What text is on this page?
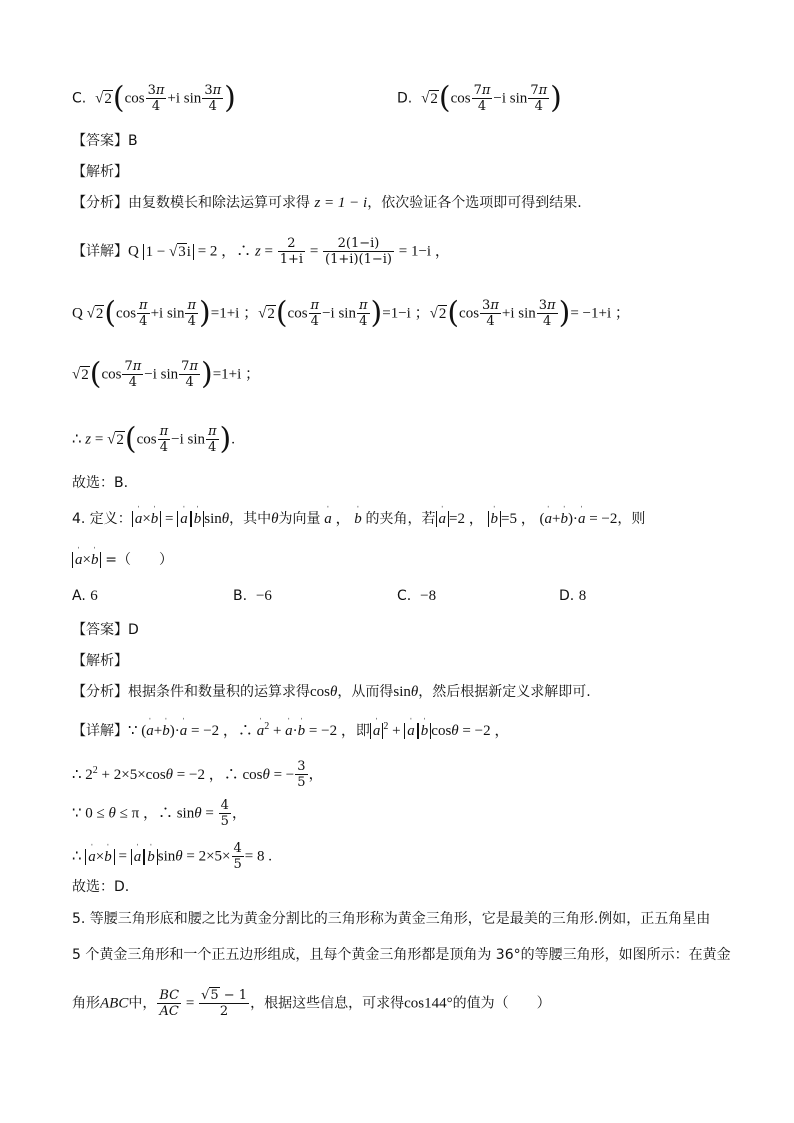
C. $√2(\cos \frac{3\pi}{4} +i$ $\sin \frac{3\pi}{4}$ )	D. $√2(\cos \frac{7\pi}{4} -i$ $\sin \frac{7\pi}{4}$ )
【答案】B
【解析】
【分析】由复数模长和除法运算可求得 z = 1 − i，依次验证各个选项即可得到结果.
【详解】Q 1 − √3i = 2 ，∴ $z = \frac{2}{1+i} = \frac{2(1-i)}{(1+i)(1-i)} = 1-i$ ，
Q $√2(\cos \frac{\pi}{4} +i$ $\sin \frac{\pi}{4} )=1+i$ ；$√2(\cos \frac{\pi}{4} -i$ $\sin \frac{\pi}{4} )=1-i$ ；$√2(\cos \frac{3\pi}{4} +i$ $\sin \frac{3\pi}{4}$ )= −1+i ；
$√2(\cos \frac{7\pi}{4} -i$ $\sin \frac{7\pi}{4} )=1+i$ ；
∴ $z = √2(\cos \frac{\pi}{4} -i$ $\sin \frac{\pi}{4}$ ).
故选：B.
4. 定义： ˈ a×ˈ b = ˈ a ˈ b sinθ，其中θ为向量 ˈ a ， ˈ b 的夹角，若 ˈ a =2 ， ˈ b =5 ， (ˈ a+ˈ b)·ˈ a = −2，则
ˈ a×ˈ b =（　　）
A. 6	B. −6	C. −8	D. 8
【答案】D
【解析】
【分析】根据条件和数量积的运算求得cosθ，从而得sinθ，然后根据新定义求解即可.
【详解】∵ (ˈ a+ˈ b)·ˈ a = −2 ，∴ ˈ $a^2$ + ˈ a·ˈ b = −2 ，即 ˈ a $^2$ + ˈ a ˈ b cosθ = −2 ，
∴ $2^2 + 2\times 5\times\cos\theta = -2$ ，∴ cosθ = − $\frac{3}{5}$ ，
∵ 0 ≤ θ ≤ π ，∴ $\sin\theta = \frac{4}{5}$ ，
∴ ˈ a×ˈ b = ˈ a ˈ b $\sin\theta = 2\times 5\times \frac{4}{5} = 8$ .
故选：D.
5. 等腰三角形底和腰之比为黄金分割比的三角形称为黄金三角形，它是最美的三角形.例如，正五角星由
5 个黄金三角形和一个正五边形组成，且每个黄金三角形都是顶角为 36°的等腰三角形，如图所示：在黄金
角形ABC中， $\frac{BC}{AC} = \frac{√5 - 1}{2}$ ，根据这些信息，可求得cos144°的值为（　　）
